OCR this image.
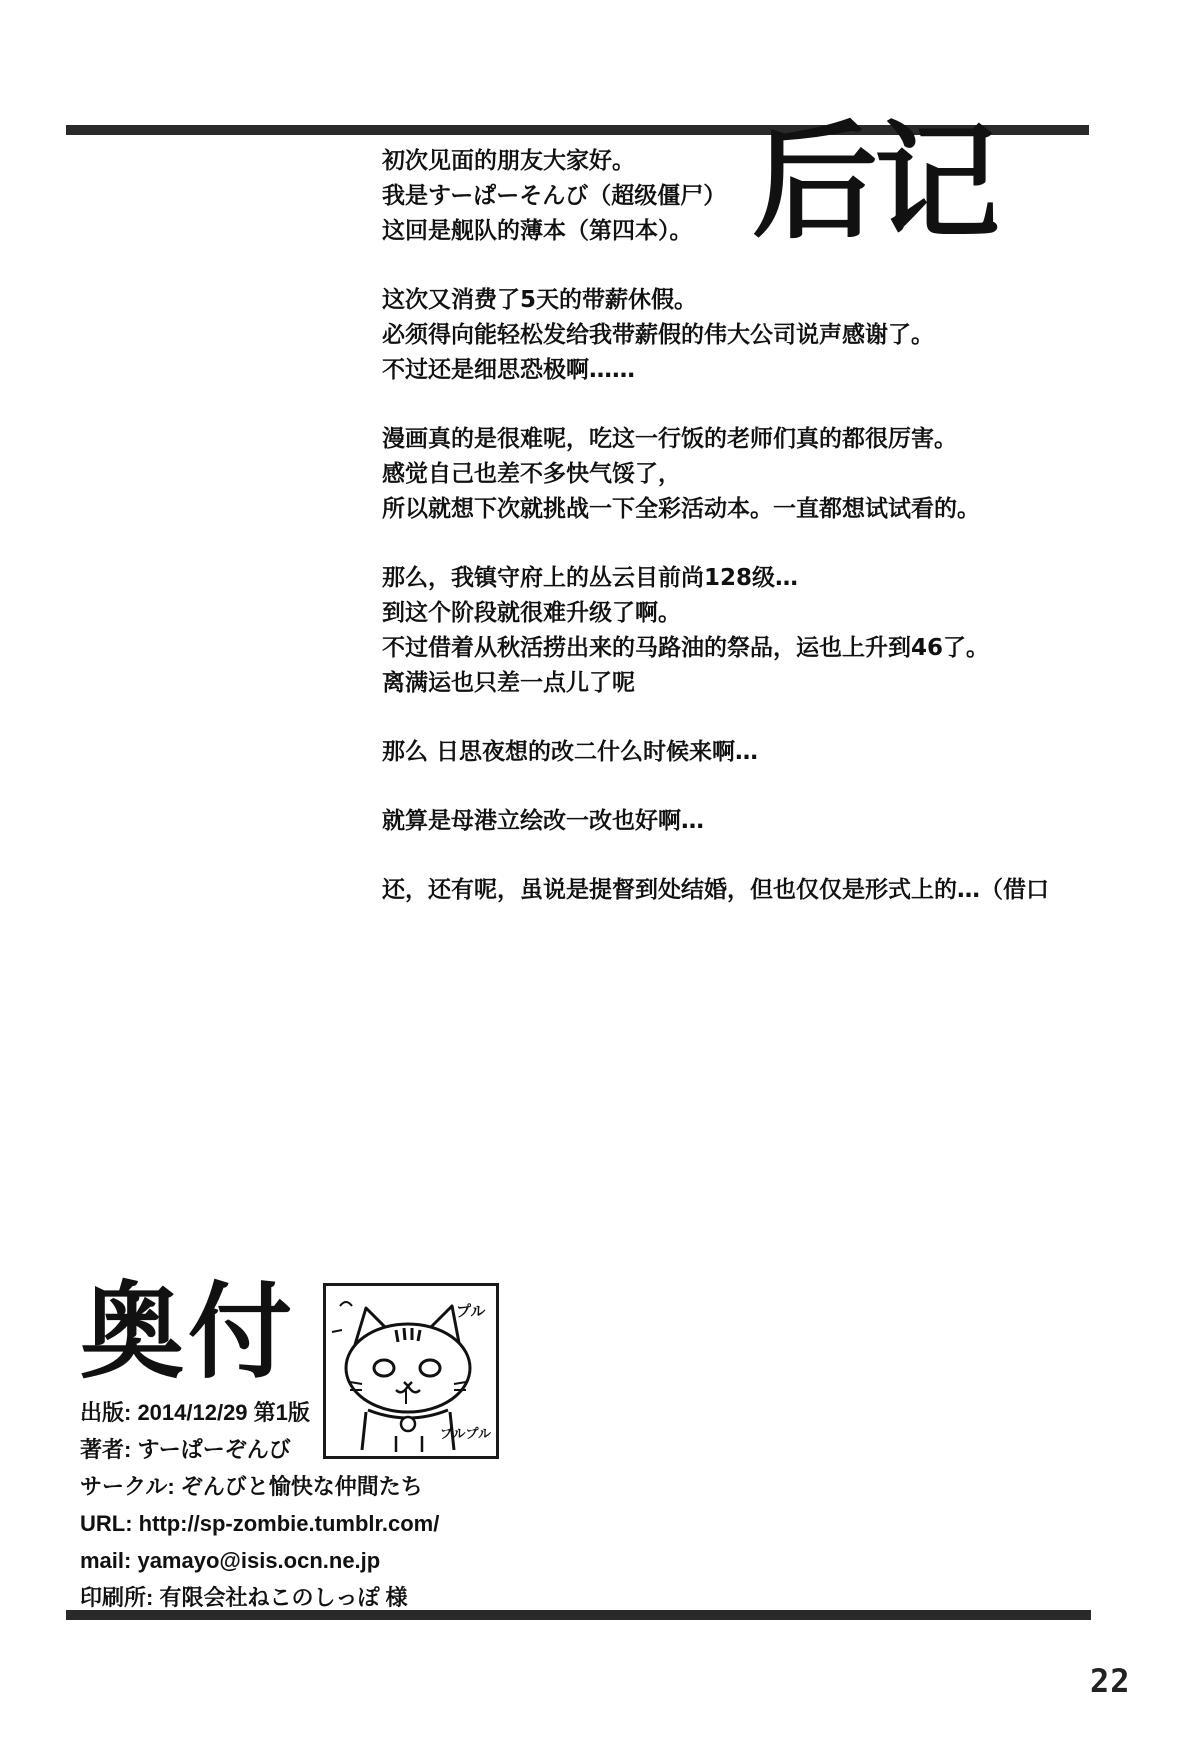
后记
初次见面的朋友大家好。
我是すーぱーそんび（超级僵尸）
这回是舰队的薄本（第四本）。
这次又消费了5天的带薪休假。
必须得向能轻松发给我带薪假的伟大公司说声感谢了。
不过还是细思恐极啊……
漫画真的是很难呢，吃这一行饭的老师们真的都很厉害。
感觉自己也差不多快气馁了，
所以就想下次就挑战一下全彩活动本。一直都想试试看的。
那么，我镇守府上的丛云目前尚128级…
到这个阶段就很难升级了啊。
不过借着从秋活捞出来的马路油的祭品，运也上升到46了。
离满运也只差一点儿了呢
那么 日思夜想的改二什么时候来啊…
就算是母港立绘改一改也好啊…
还，还有呢，虽说是提督到处结婚，但也仅仅是形式上的…（借口
奥付	プル
プルプル
出版: 2014/12/29 第1版
著者: すーぱーぞんび
サークル: ぞんびと愉快な仲間たち
URL: http://sp-zombie.tumblr.com/
mail: yamayo@isis.ocn.ne.jp
印刷所: 有限会社ねこのしっぽ 様
22
